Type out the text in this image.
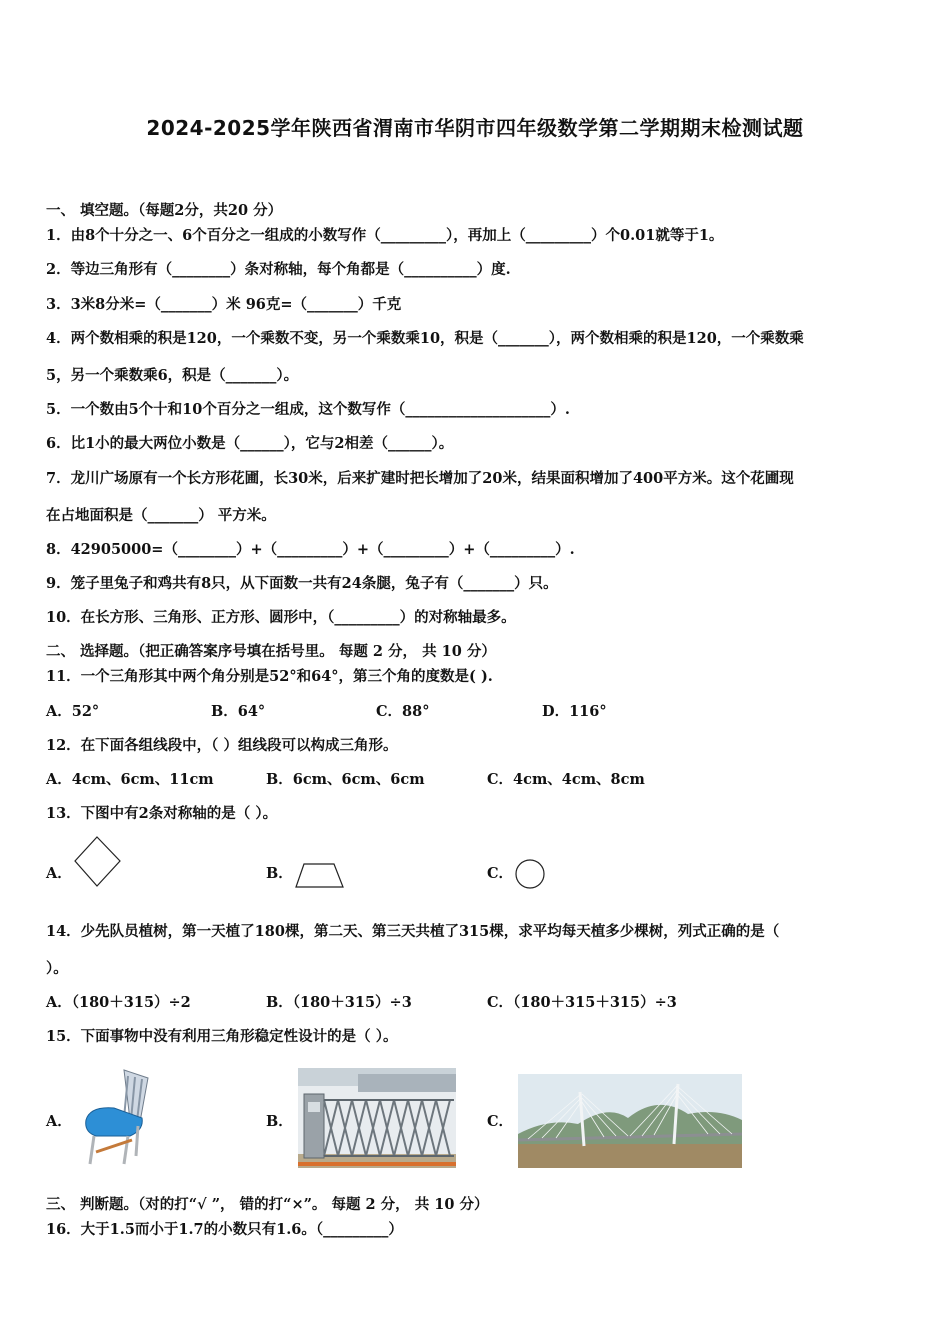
2024-2025学年陕西省渭南市华阴市四年级数学第二学期期末检测试题
一、 填空题。（每题2分，共20 分）
1．由8个十分之一、6个百分之一组成的小数写作（_________），再加上（_________）个0.01就等于1。
2．等边三角形有（________）条对称轴，每个角都是（__________）度.
3．3米8分米=（_______）米 96克=（_______）千克
4．两个数相乘的积是120，一个乘数不变，另一个乘数乘10，积是（_______），两个数相乘的积是120，一个乘数乘
5，另一个乘数乘6，积是（_______）。
5．一个数由5个十和10个百分之一组成，这个数写作（____________________）.
6．比1小的最大两位小数是（______），它与2相差（______）。
7．龙川广场原有一个长方形花圃，长30米，后来扩建时把长增加了20米，结果面积增加了400平方米。这个花圃现
在占地面积是（_______） 平方米。
8．42905000=（________）+（_________）+（_________）+（_________）.
9．笼子里兔子和鸡共有8只，从下面数一共有24条腿，兔子有（_______）只。
10．在长方形、三角形、正方形、圆形中，（_________）的对称轴最多。
二、 选择题。（把正确答案序号填在括号里。 每题 2 分， 共 10 分）
11．一个三角形其中两个角分别是52°和64°，第三个角的度数是( ).
A．52°	B．64°	C．88°	D．116°
12．在下面各组线段中，（ ）组线段可以构成三角形。
A．4cm、6cm、11cm	B．6cm、6cm、6cm	C．4cm、4cm、8cm
13．下图中有2条对称轴的是（ ）。
A．	B．	C．
14．少先队员植树，第一天植了180棵，第二天、第三天共植了315棵，求平均每天植多少棵树，列式正确的是（
）。
A．（180＋315）÷2	B．（180＋315）÷3	C．（180＋315＋315）÷3
15．下面事物中没有利用三角形稳定性设计的是（ ）。
A．	B．	C．
三、 判断题。（对的打“√ ”， 错的打“×”。 每题 2 分， 共 10 分）
16．大于1.5而小于1.7的小数只有1.6。（_________）
